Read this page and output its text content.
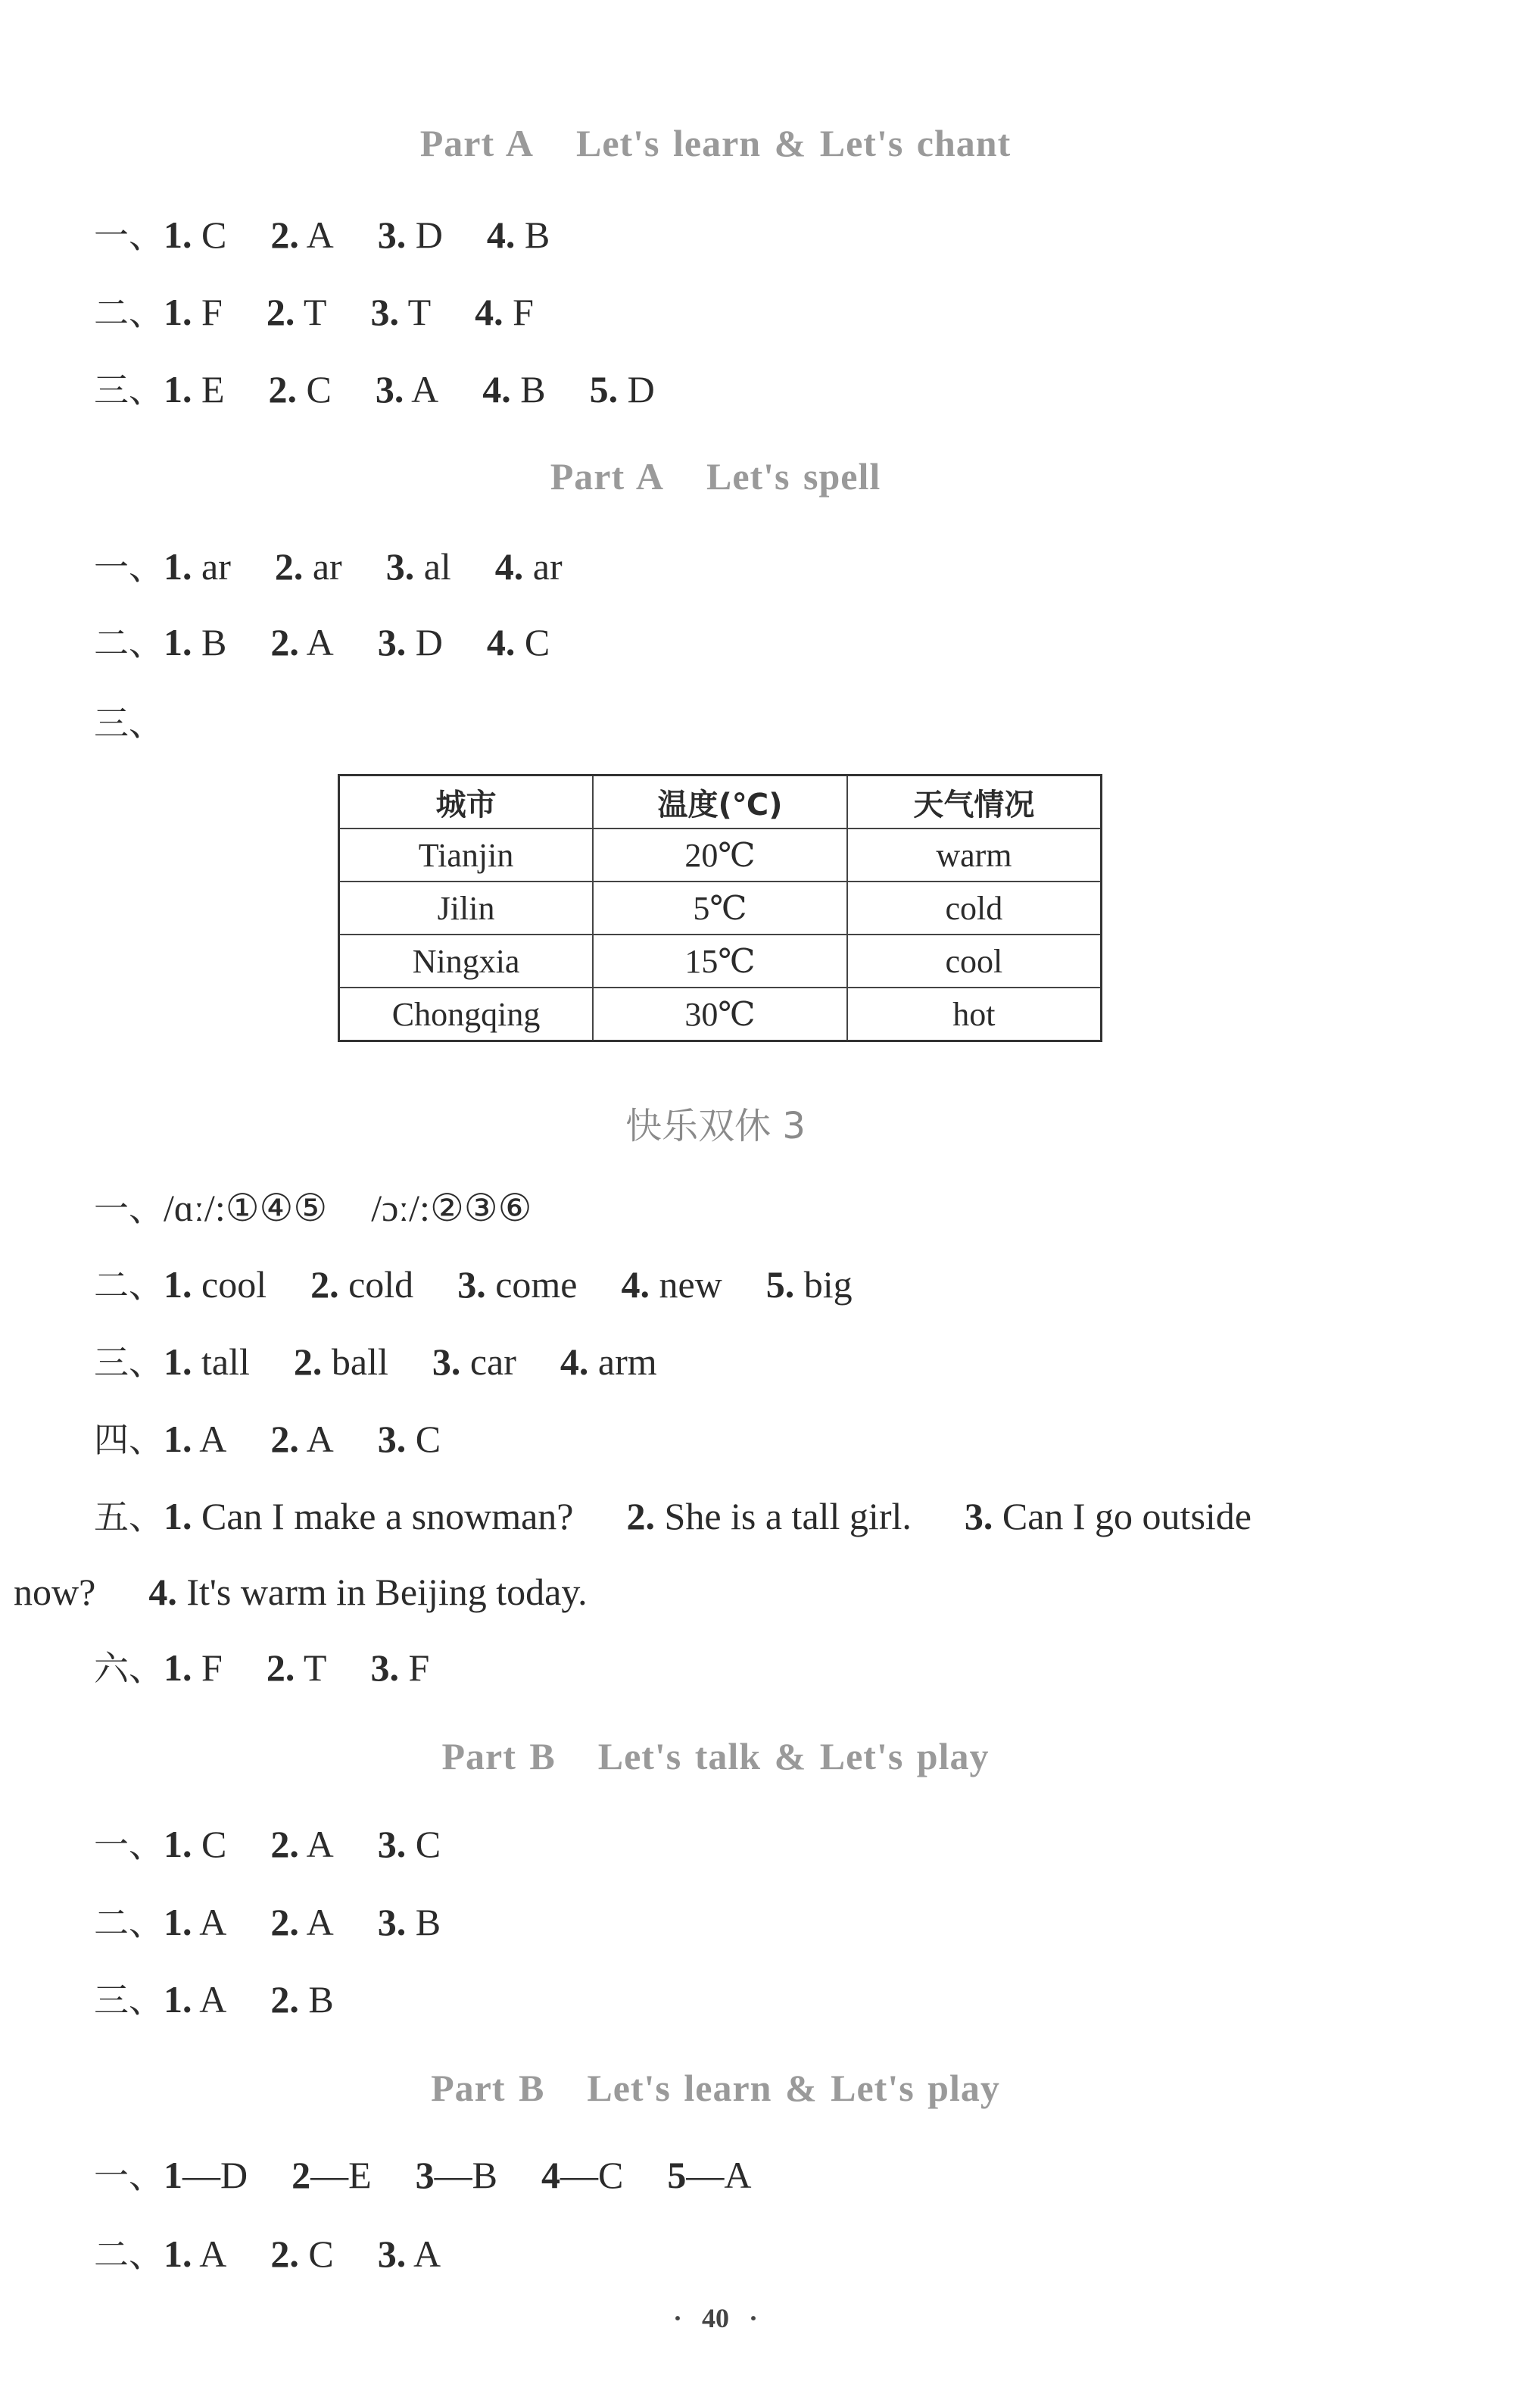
Part A Let's learn & Let's chant
一、1. C 2. A 3. D 4. B
二、1. F 2. T 3. T 4. F
三、1. E 2. C 3. A 4. B 5. D
Part A Let's spell
一、1. ar 2. ar 3. al 4. ar
二、1. B 2. A 3. D 4. C
三、
城市	温度(℃)	天气情况
Tianjin	20℃	warm
Jilin	5℃	cold
Ningxia	15℃	cool
Chongqing	30℃	hot
快乐双休 3
一、/ɑː/:①④⑤ /ɔː/:②③⑥
二、1. cool 2. cold 3. come 4. new 5. big
三、1. tall 2. ball 3. car 4. arm
四、1. A 2. A 3. C
五、1. Can I make a snowman? 2. She is a tall girl. 3. Can I go outside
now? 4. It's warm in Beijing today.
六、1. F 2. T 3. F
Part B Let's talk & Let's play
一、1. C 2. A 3. C
二、1. A 2. A 3. B
三、1. A 2. B
Part B Let's learn & Let's play
一、1—D 2—E 3—B 4—C 5—A
二、1. A 2. C 3. A
· 40 ·
